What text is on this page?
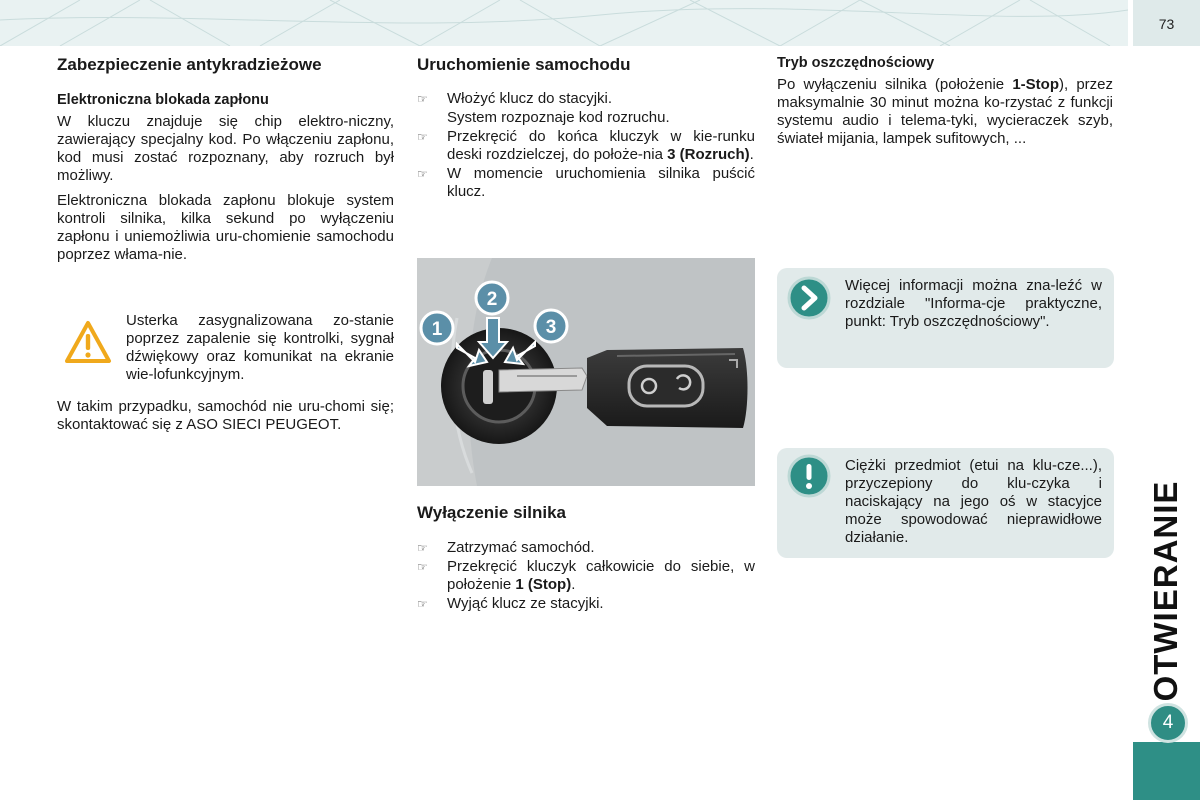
73
OTWIERANIE
4
Zabezpieczenie antykradzieżowe
Elektroniczna blokada zapłonu

W kluczu znajduje się chip elektro-niczny, zawierający specjalny kod. Po włączeniu zapłonu, kod musi zostać rozpoznany, aby rozruch był możliwy.

Elektroniczna blokada zapłonu blokuje system kontroli silnika, kilka sekund po wyłączeniu zapłonu i uniemożliwia uru-chomienie samochodu poprzez włama-nie.

Usterka zasygnalizowana zo-stanie poprzez zapalenie się kontrolki, sygnał dźwiękowy oraz komunikat na ekranie wie-lofunkcyjnym.

W takim przypadku, samochód nie uru-chomi się; skontaktować się z ASO SIECI PEUGEOT.

Uruchomienie samochodu
☞ Włożyć klucz do stacyjki.
System rozpoznaje kod rozruchu.
☞ Przekręcić do końca kluczyk w kie-runku deski rozdzielczej, do położe-nia 3 (Rozruch).
☞ W momencie uruchomienia silnika puścić klucz.
1
2
3
Wyłączenie silnika
☞ Zatrzymać samochód.
☞ Przekręcić kluczyk całkowicie do siebie, w położenie 1 (Stop).
☞ Wyjąć klucz ze stacyjki.
Tryb oszczędnościowy

Po wyłączeniu silnika (położenie 1-Stop), przez maksymalnie 30 minut można ko-rzystać z funkcji systemu audio i telema-tyki, wycieraczek szyb, świateł mijania, lampek sufitowych, ...

Więcej informacji można zna-leźć w rozdziale "Informa-cje praktyczne, punkt: Tryb oszczędnościowy".

Ciężki przedmiot (etui na klu-cze...), przyczepiony do klu-czyka i naciskający na jego oś w stacyjce może spowodować nieprawidłowe działanie.
